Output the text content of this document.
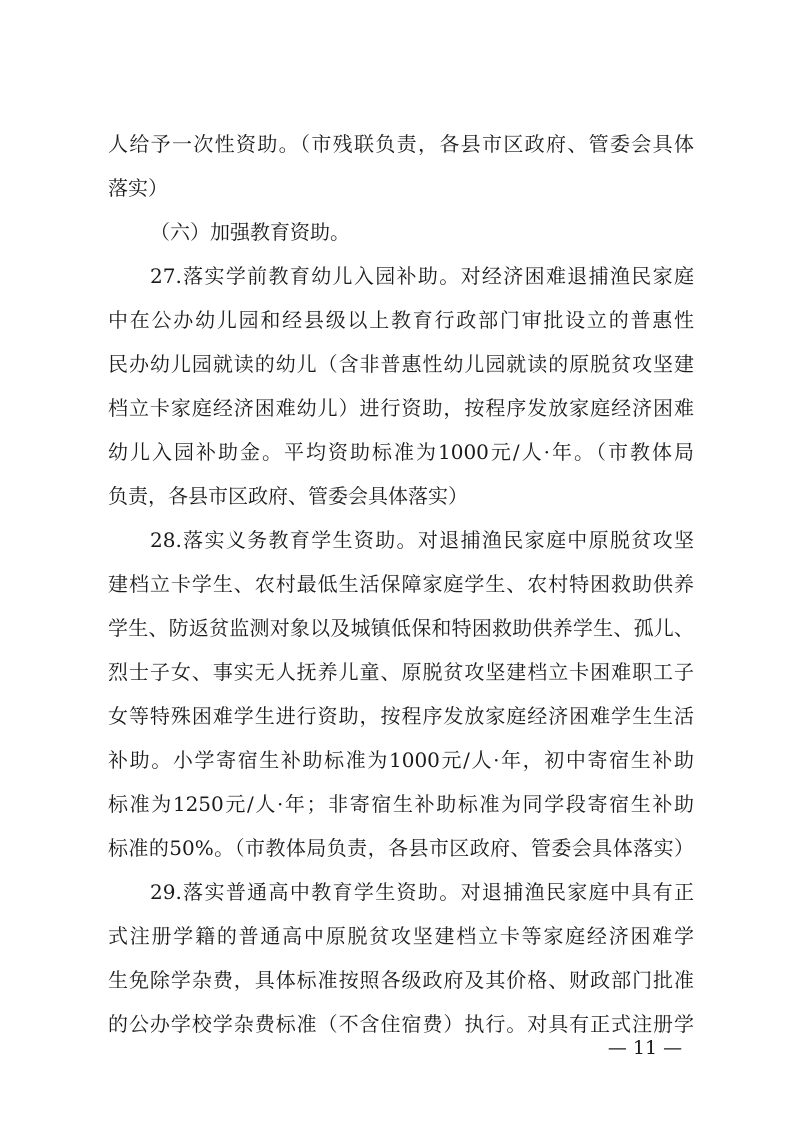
人给予一次性资助。（市残联负责，各县市区政府、管委会具体
落实）
（六）加强教育资助。
27.落实学前教育幼儿入园补助。对经济困难退捕渔民家庭
中在公办幼儿园和经县级以上教育行政部门审批设立的普惠性
民办幼儿园就读的幼儿（含非普惠性幼儿园就读的原脱贫攻坚建
档立卡家庭经济困难幼儿）进行资助，按程序发放家庭经济困难
幼儿入园补助金。平均资助标准为1000元/人·年。（市教体局
负责，各县市区政府、管委会具体落实）
28.落实义务教育学生资助。对退捕渔民家庭中原脱贫攻坚
建档立卡学生、农村最低生活保障家庭学生、农村特困救助供养
学生、防返贫监测对象以及城镇低保和特困救助供养学生、孤儿、
烈士子女、事实无人抚养儿童、原脱贫攻坚建档立卡困难职工子
女等特殊困难学生进行资助，按程序发放家庭经济困难学生生活
补助。小学寄宿生补助标准为1000元/人·年，初中寄宿生补助
标准为1250元/人·年；非寄宿生补助标准为同学段寄宿生补助
标准的50%。（市教体局负责，各县市区政府、管委会具体落实）
29.落实普通高中教育学生资助。对退捕渔民家庭中具有正
式注册学籍的普通高中原脱贫攻坚建档立卡等家庭经济困难学
生免除学杂费，具体标准按照各级政府及其价格、财政部门批准
的公办学校学杂费标准（不含住宿费）执行。对具有正式注册学
— 11 —
